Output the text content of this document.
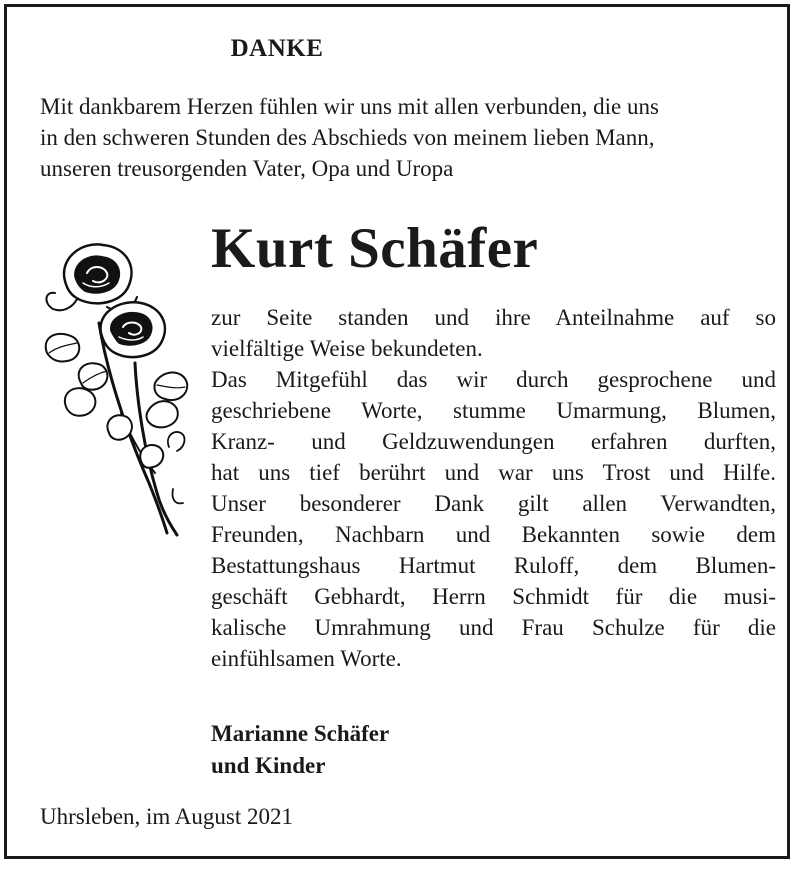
DANKE
Mit dankbarem Herzen fühlen wir uns mit allen verbunden, die uns
in den schweren Stunden des Abschieds von meinem lieben Mann,
unseren treusorgenden Vater, Opa und Uropa
Kurt Schäfer
zur Seite standen und ihre Anteilnahme auf so
vielfältige Weise bekundeten.
Das Mitgefühl das wir durch gesprochene und
geschriebene Worte, stumme Umarmung, Blumen,
Kranz- und Geldzuwendungen erfahren durften,
hat uns tief berührt und war uns Trost und Hilfe.
Unser besonderer Dank gilt allen Verwandten,
Freunden, Nachbarn und Bekannten sowie dem
Bestattungshaus Hartmut Ruloff, dem Blumen-
geschäft Gebhardt, Herrn Schmidt für die musi-
kalische Umrahmung und Frau Schulze für die
einfühlsamen Worte.
Marianne Schäfer
und Kinder
Uhrsleben, im August 2021
